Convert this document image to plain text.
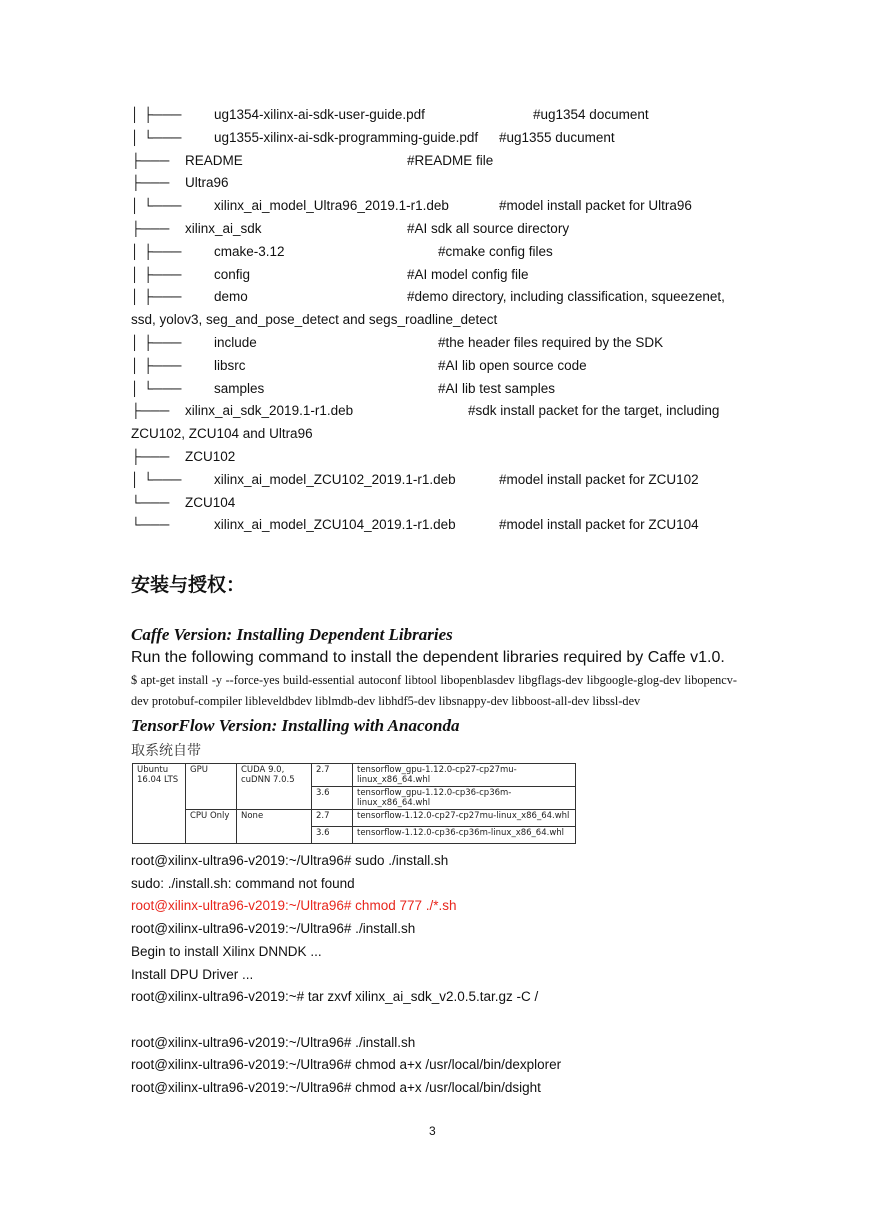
│ ├─── ug1354-xilinx-ai-sdk-user-guide.pdf	#ug1354 document
│ └─── ug1355-xilinx-ai-sdk-programming-guide.pdf #ug1355 ducument
├─── README	#README file
├─── Ultra96
│ └─── xilinx_ai_model_Ultra96_2019.1-r1.deb	#model install packet for Ultra96
├─── xilinx_ai_sdk	#AI sdk all source directory
│ ├─── cmake-3.12	#cmake config files
│ ├─── config	#AI model config file
│ ├─── demo	#demo directory, including classification, squeezenet,
ssd, yolov3, seg_and_pose_detect and segs_roadline_detect
│ ├─── include	#the header files required by the SDK
│ ├─── libsrc	#AI lib open source code
│ └─── samples	#AI lib test samples
├─── xilinx_ai_sdk_2019.1-r1.deb	#sdk install packet for the target, including
ZCU102, ZCU104 and Ultra96
├─── ZCU102
│ └─── xilinx_ai_model_ZCU102_2019.1-r1.deb	#model install packet for ZCU102
└─── ZCU104
└───	xilinx_ai_model_ZCU104_2019.1-r1.deb	#model install packet for ZCU104
安装与授权：
Caffe Version: Installing Dependent Libraries
Run the following command to install the dependent libraries required by Caffe v1.0.
$ apt-get install -y --force-yes build-essential autoconf libtool libopenblasdev libgflags-dev libgoogle-glog-dev libopencv-dev protobuf-compiler libleveldbdev liblmdb-dev libhdf5-dev libsnappy-dev libboost-all-dev libssl-dev
TensorFlow Version: Installing with Anaconda
取系统自带
Ubuntu
16.04 LTS	GPU	CUDA 9.0,
cuDNN 7.0.5	2.7	tensorflow_gpu-1.12.0-cp27-cp27mu-linux_x86_64.whl
			3.6	tensorflow_gpu-1.12.0-cp36-cp36m-linux_x86_64.whl
	CPU Only	None	2.7	tensorflow-1.12.0-cp27-cp27mu-linux_x86_64.whl
			3.6	tensorflow-1.12.0-cp36-cp36m-linux_x86_64.whl
root@xilinx-ultra96-v2019:~/Ultra96# sudo ./install.sh
sudo: ./install.sh: command not found
root@xilinx-ultra96-v2019:~/Ultra96# chmod 777 ./*.sh
root@xilinx-ultra96-v2019:~/Ultra96# ./install.sh
Begin to install Xilinx DNNDK ...
Install DPU Driver ...
root@xilinx-ultra96-v2019:~# tar zxvf xilinx_ai_sdk_v2.0.5.tar.gz -C /
root@xilinx-ultra96-v2019:~/Ultra96# ./install.sh
root@xilinx-ultra96-v2019:~/Ultra96# chmod a+x /usr/local/bin/dexplorer
root@xilinx-ultra96-v2019:~/Ultra96# chmod a+x /usr/local/bin/dsight
3
